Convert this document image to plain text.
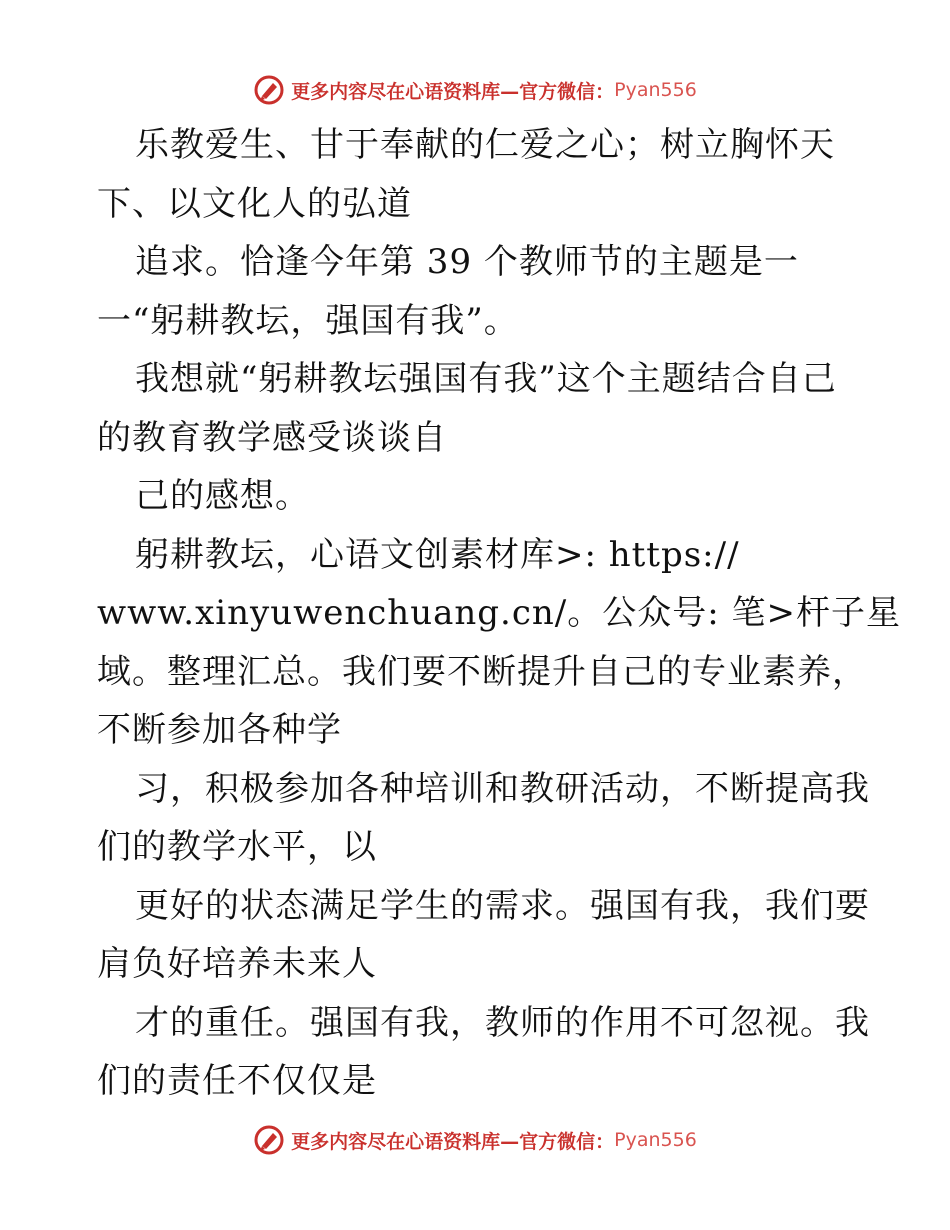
更多内容尽在心语资料库—官方微信： Pyan556
乐教爱生、甘于奉献的仁爱之心；树立胸怀天
下、以文化人的弘道
追求。恰逢今年第 39 个教师节的主题是一
一“躬耕教坛，强国有我”。
我想就“躬耕教坛强国有我”这个主题结合自己
的教育教学感受谈谈自
己的感想。
躬耕教坛，心语文创素材库>: https://
www.xinyuwenchuang.cn/。公众号: 笔>杆子星
域。整理汇总。我们要不断提升自己的专业素养，
不断参加各种学
习，积极参加各种培训和教研活动，不断提高我
们的教学水平，以
更好的状态满足学生的需求。强国有我，我们要
肩负好培养未来人
才的重任。强国有我，教师的作用不可忽视。我
们的责任不仅仅是
更多内容尽在心语资料库—官方微信： Pyan556
